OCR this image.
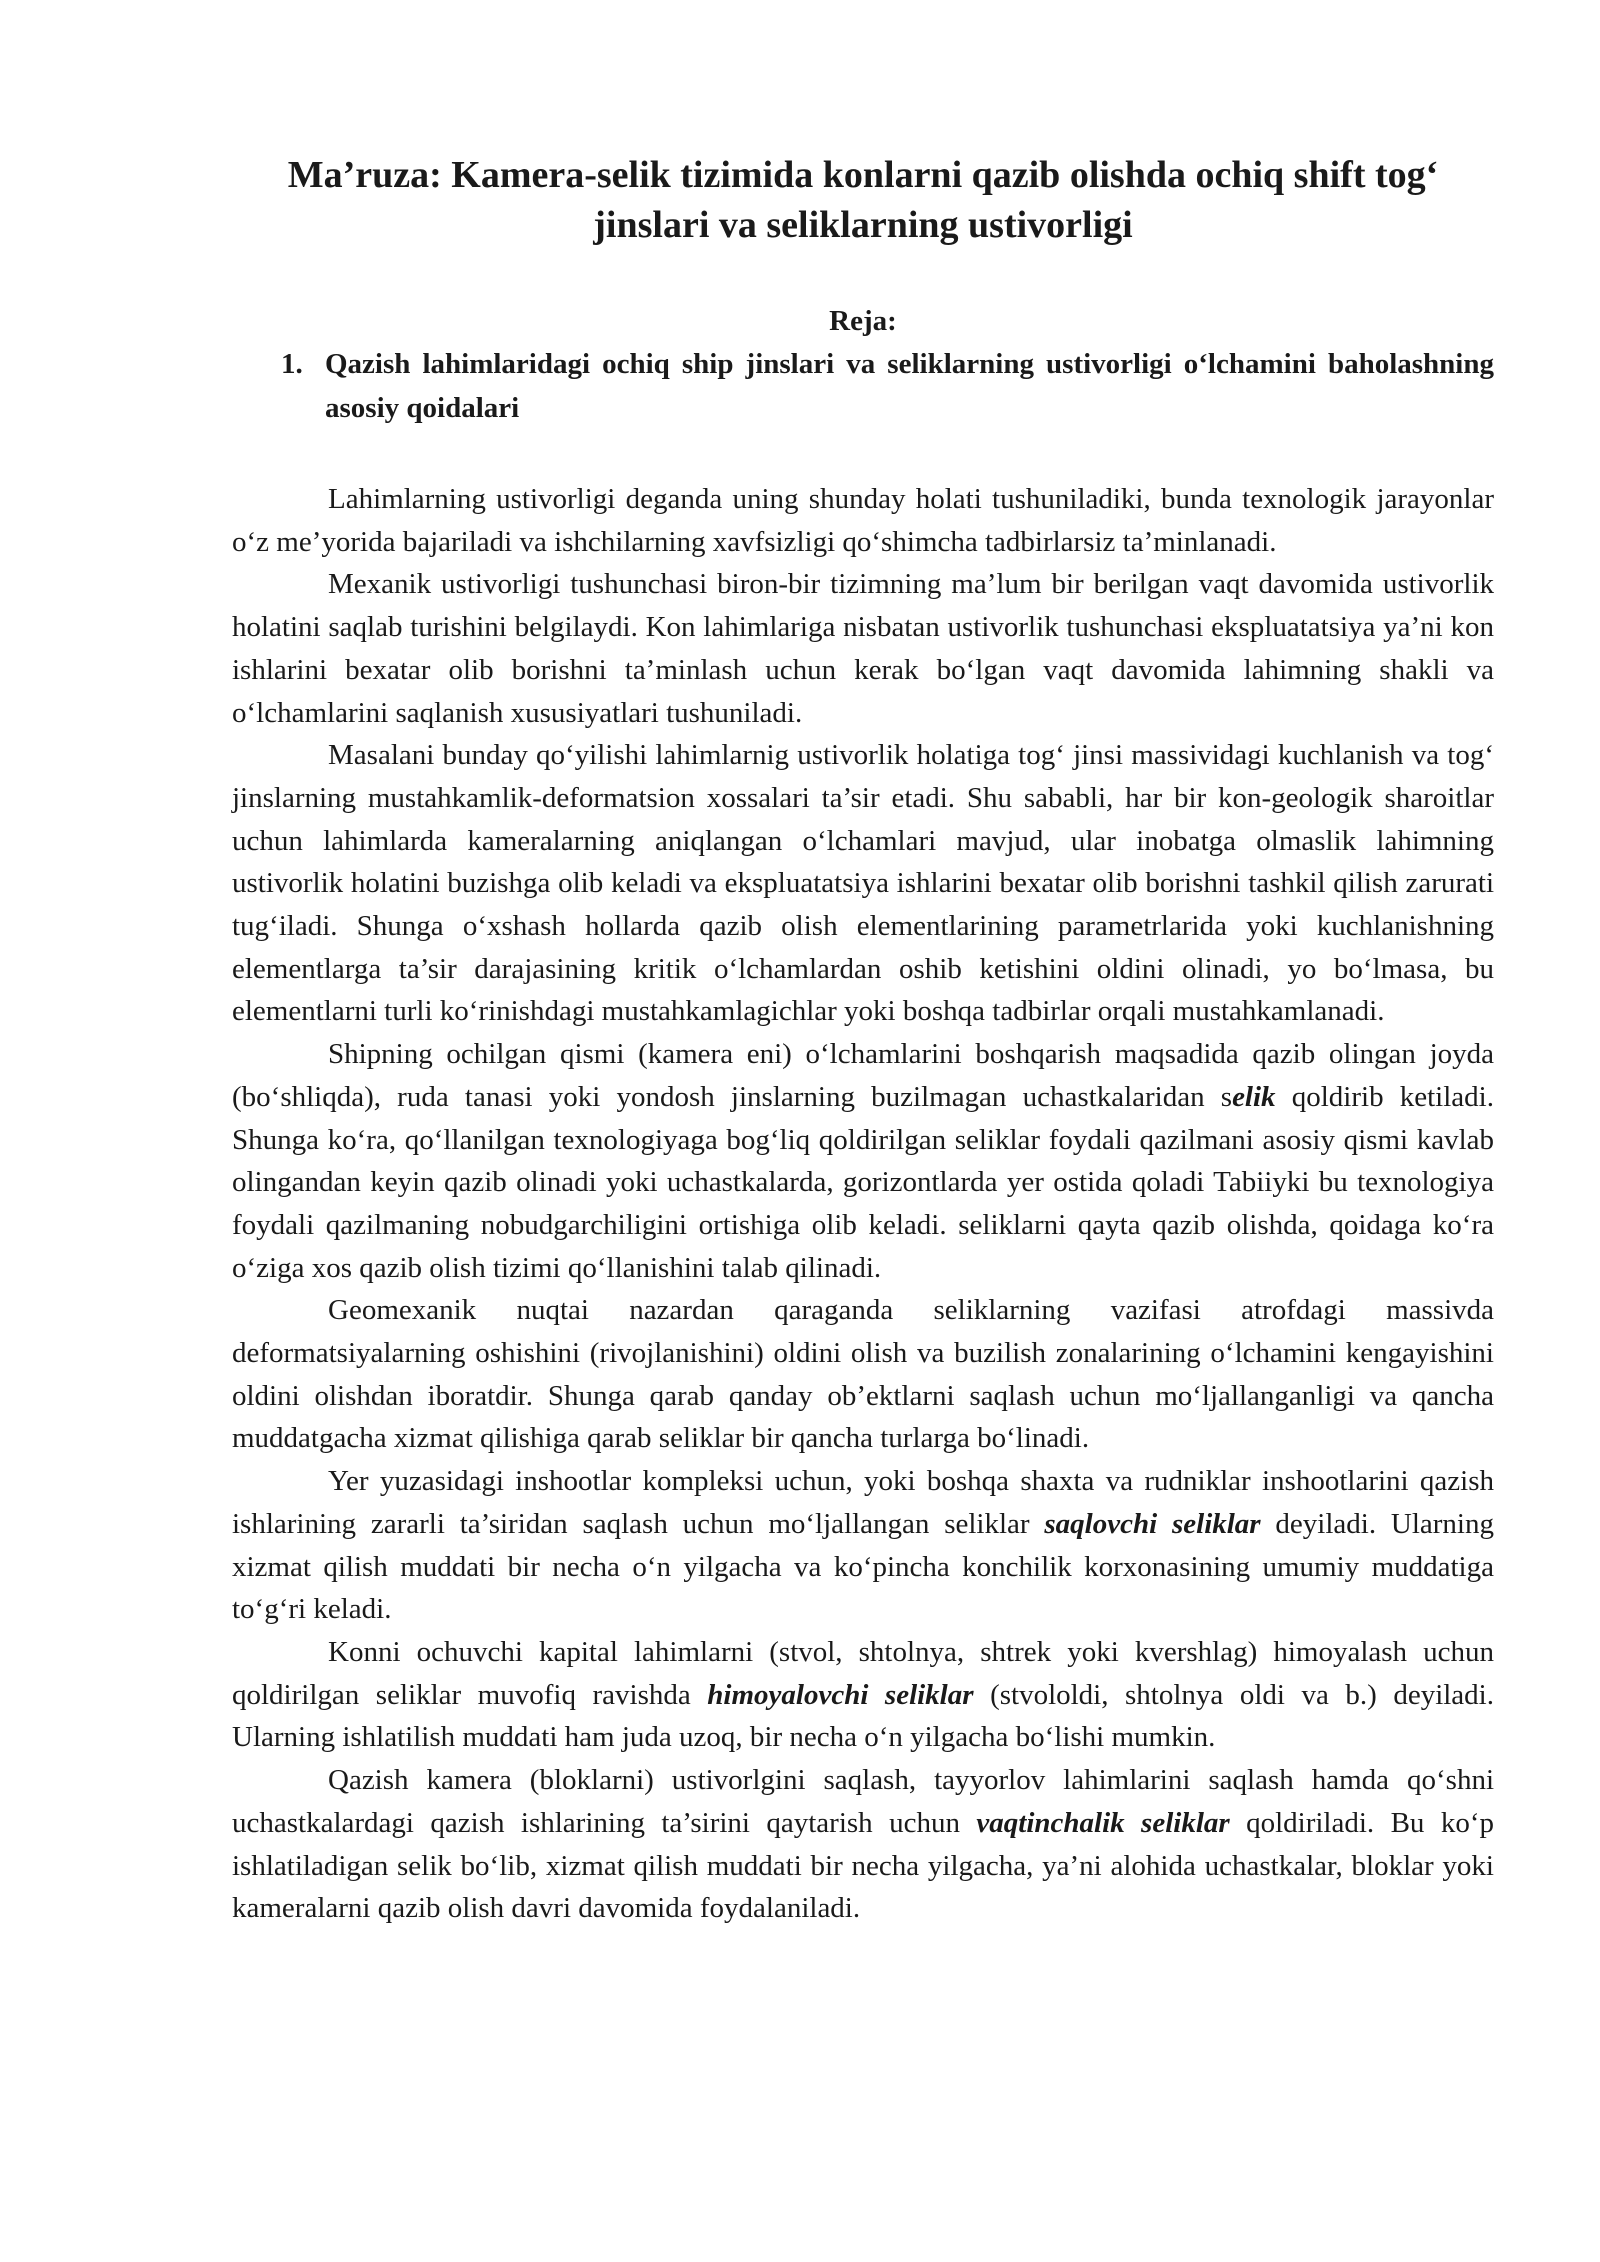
Ma’ruza: Kamera-selik tizimida konlarni qazib olishda ochiq shift tog‘ jinslari va seliklarning ustivorligi
Reja:
1. Qazish lahimlaridagi ochiq ship jinslari va seliklarning ustivorligi o‘lchamini baholashning asosiy qoidalari

Lahimlarning ustivorligi deganda uning shunday holati tushuniladiki, bunda texnologik jarayonlar o‘z me’yorida bajariladi va ishchilarning xavfsizligi qo‘shimcha tadbirlarsiz ta’minlanadi.

Mexanik ustivorligi tushunchasi biron-bir tizimning ma’lum bir berilgan vaqt davomida ustivorlik holatini saqlab turishini belgilaydi. Kon lahimlariga nisbatan ustivorlik tushunchasi ekspluatatsiya ya’ni kon ishlarini bexatar olib borishni ta’minlash uchun kerak bo‘lgan vaqt davomida lahimning shakli va o‘lchamlarini saqlanish xususiyatlari tushuniladi.

Masalani bunday qo‘yilishi lahimlarnig ustivorlik holatiga tog‘ jinsi massividagi kuchlanish va tog‘ jinslarning mustahkamlik-deformatsion xossalari ta’sir etadi. Shu sababli, har bir kon-geologik sharoitlar uchun lahimlarda kameralarning aniqlangan o‘lchamlari mavjud, ular inobatga olmaslik lahimning ustivorlik holatini buzishga olib keladi va ekspluatatsiya ishlarini bexatar olib borishni tashkil qilish zarurati tug‘iladi. Shunga o‘xshash hollarda qazib olish elementlarining parametrlarida yoki kuchlanishning elementlarga ta’sir darajasining kritik o‘lchamlardan oshib ketishini oldini olinadi, yo bo‘lmasa, bu elementlarni turli ko‘rinishdagi mustahkamlagichlar yoki boshqa tadbirlar orqali mustahkamlanadi.

Shipning ochilgan qismi (kamera eni) o‘lchamlarini boshqarish maqsadida qazib olingan joyda (bo‘shliqda), ruda tanasi yoki yondosh jinslarning buzilmagan uchastkalaridan selik qoldirib ketiladi. Shunga ko‘ra, qo‘llanilgan texnologiyaga bog‘liq qoldirilgan seliklar foydali qazilmani asosiy qismi kavlab olingandan keyin qazib olinadi yoki uchastkalarda, gorizontlarda yer ostida qoladi Tabiiyki bu texnologiya foydali qazilmaning nobudgarchiligini ortishiga olib keladi. seliklarni qayta qazib olishda, qoidaga ko‘ra o‘ziga xos qazib olish tizimi qo‘llanishini talab qilinadi.

Geomexanik nuqtai nazardan qaraganda seliklarning vazifasi atrofdagi massivda deformatsiyalarning oshishini (rivojlanishini) oldini olish va buzilish zonalarining o‘lchamini kengayishini oldini olishdan iboratdir. Shunga qarab qanday ob’ektlarni saqlash uchun mo‘ljallanganligi va qancha muddatgacha xizmat qilishiga qarab seliklar bir qancha turlarga bo‘linadi.

Yer yuzasidagi inshootlar kompleksi uchun, yoki boshqa shaxta va rudniklar inshootlarini qazish ishlarining zararli ta’siridan saqlash uchun mo‘ljallangan seliklar saqlovchi seliklar deyiladi. Ularning xizmat qilish muddati bir necha o‘n yilgacha va ko‘pincha konchilik korxonasining umumiy muddatiga to‘g‘ri keladi.

Konni ochuvchi kapital lahimlarni (stvol, shtolnya, shtrek yoki kvershlag) himoyalash uchun qoldirilgan seliklar muvofiq ravishda himoyalovchi seliklar (stvololdi, shtolnya oldi va b.) deyiladi. Ularning ishlatilish muddati ham juda uzoq, bir necha o‘n yilgacha bo‘lishi mumkin.

Qazish kamera (bloklarni) ustivorlgini saqlash, tayyorlov lahimlarini saqlash hamda qo‘shni uchastkalardagi qazish ishlarining ta’sirini qaytarish uchun vaqtinchalik seliklar qoldiriladi. Bu ko‘p ishlatiladigan selik bo‘lib, xizmat qilish muddati bir necha yilgacha, ya’ni alohida uchastkalar, bloklar yoki kameralarni qazib olish davri davomida foydalaniladi.
